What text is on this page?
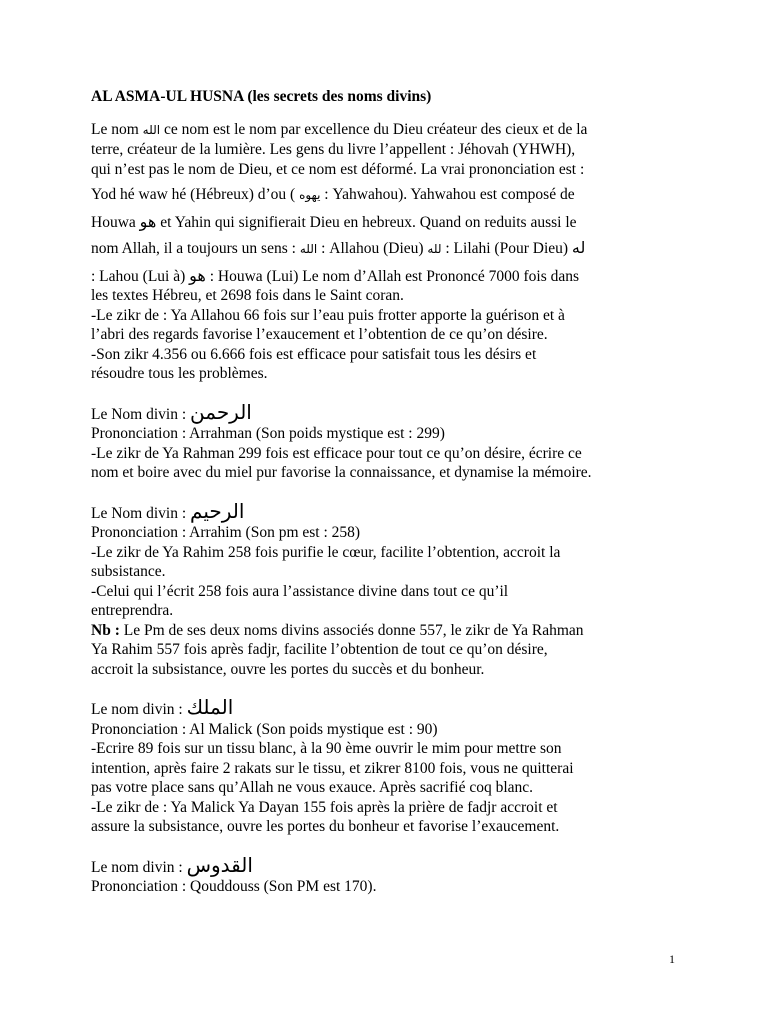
AL ASMA-UL HUSNA (les secrets des noms divins)

Le nom الله ce nom est le nom par excellence du Dieu créateur des cieux et de la

terre, créateur de la lumière. Les gens du livre l’appellent : Jéhovah (YHWH),

qui n’est pas le nom de Dieu, et ce nom est déformé. La vrai prononciation est :

Yod hé waw hé (Hébreux) d’ou ( يهوه : Yahwahou). Yahwahou est composé de

Houwa هو et Yahin qui signifierait Dieu en hebreux. Quand on reduits aussi le

nom Allah, il a toujours un sens : الله : Allahou (Dieu) لله : Lilahi (Pour Dieu) له

: Lahou (Lui à) هو : Houwa (Lui) Le nom d’Allah est Prononcé 7000 fois dans

les textes Hébreu, et 2698 fois dans le Saint coran.

-Le zikr de : Ya Allahou 66 fois sur l’eau puis frotter apporte la guérison et à

l’abri des regards favorise l’exaucement et l’obtention de ce qu’on désire.

-Son zikr 4.356 ou 6.666 fois est efficace pour satisfait tous les désirs et

résoudre tous les problèmes.

Le Nom divin : الرحمن

Prononciation : Arrahman (Son poids mystique est : 299)

-Le zikr de Ya Rahman 299 fois est efficace pour tout ce qu’on désire, écrire ce

nom et boire avec du miel pur favorise la connaissance, et dynamise la mémoire.

Le Nom divin : الرحيم

Prononciation : Arrahim (Son pm est : 258)

-Le zikr de Ya Rahim 258 fois purifie le cœur, facilite l’obtention, accroit la

subsistance.

-Celui qui l’écrit 258 fois aura l’assistance divine dans tout ce qu’il

entreprendra.

Nb : Le Pm de ses deux noms divins associés donne 557, le zikr de Ya Rahman

Ya Rahim 557 fois après fadjr, facilite l’obtention de tout ce qu’on désire,

accroit la subsistance, ouvre les portes du succès et du bonheur.

Le nom divin : الملك

Prononciation : Al Malick (Son poids mystique est : 90)

-Ecrire 89 fois sur un tissu blanc, à la 90 ème ouvrir le mim pour mettre son

intention, après faire 2 rakats sur le tissu, et zikrer 8100 fois, vous ne quitterai

pas votre place sans qu’Allah ne vous exauce. Après sacrifié coq blanc.

-Le zikr de : Ya Malick Ya Dayan 155 fois après la prière de fadjr accroit et

assure la subsistance, ouvre les portes du bonheur et favorise l’exaucement.

Le nom divin : القدوس

Prononciation : Qouddouss (Son PM est 170).

1
